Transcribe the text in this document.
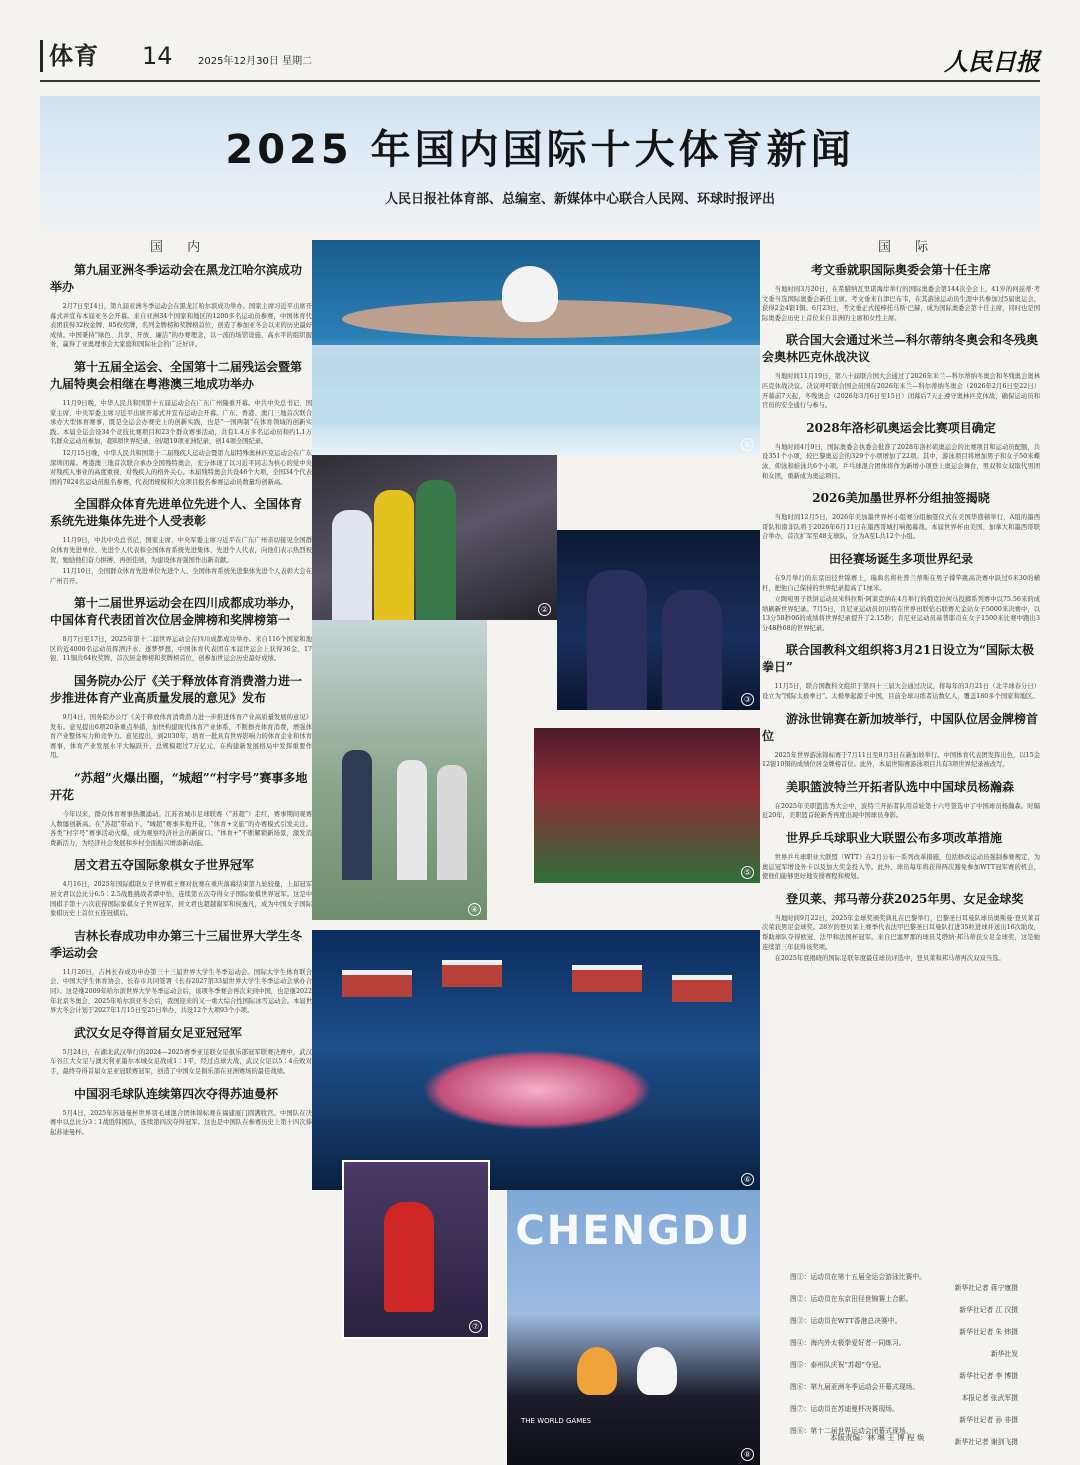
体育 14	2025年12月30日 星期二	人民日报
2025 年国内国际十大体育新闻
人民日报社体育部、总编室、新媒体中心联合人民网、环球时报评出
国 内	国 际
第九届亚洲冬季运动会在黑龙江哈尔滨成功举办

2月7日至14日，第九届亚洲冬季运动会在黑龙江哈尔滨成功举办。国家主席习近平出席开幕式并宣布本届亚冬会开幕。来自亚洲34个国家和地区的1200多名运动员参赛，中国体育代表团获得32枚金牌、85枚奖牌，名列金牌榜和奖牌榜首位，创造了参加亚冬会以来的历史最好成绩。中国秉持“绿色、共享、开放、廉洁”的办赛理念，以一流的场馆设施、高水平的组织服务，赢得了亚奥理事会大家庭和国际社会的广泛好评。

第十五届全运会、全国第十二届残运会暨第九届特奥会相继在粤港澳三地成功举办

11月9日晚，中华人民共和国第十五届运动会在广东广州隆重开幕。中共中央总书记、国家主席、中央军委主席习近平出席开幕式并宣布运动会开幕。广东、香港、澳门三地首次联合承办大型体育赛事，既是全运会办赛史上的创新实践，也是“一国两制”在体育领域的创新实践。本届全运会设34个竞技比赛项目和23个群众赛事活动，共有1.4万多名运动员和约1.1万名群众运动员参加，超8项世界纪录、创/超19项亚洲纪录、创14项全国纪录。

12月15日晚，中华人民共和国第十二届残疾人运动会暨第九届特殊奥林匹克运动会在广东深圳闭幕。粤港澳三地首次联合承办全国残特奥会，充分体现了以习近平同志为核心的党中央对残疾人事业的高度重视、对残疾人的格外关心。本届残特奥会共设46个大项，全国34个代表团的7824名运动员报名参赛，代表团规模和大众项目报名参赛运动员数量均创新高。

全国群众体育先进单位先进个人、全国体育系统先进集体先进个人受表彰

11月9日，中共中央总书记、国家主席、中央军委主席习近平在广东广州亲切接见全国群众体育先进单位、先进个人代表和全国体育系统先进集体、先进个人代表，向他们表示热烈祝贺，勉励他们奋力拼搏、再创佳绩，为建设体育强国作出新贡献。

11月10日，全国群众体育先进单位先进个人、全国体育系统先进集体先进个人表彰大会在广州召开。

第十二届世界运动会在四川成都成功举办，中国体育代表团首次位居金牌榜和奖牌榜第一

8月7日至17日，2025年第十二届世界运动会在四川成都成功举办。来自116个国家和地区的近4000名运动员挥洒汗水、逐梦梦想，中国体育代表团在本届世运会上获得36金、17银、11铜共64枚奖牌，首次居金牌榜和奖牌榜首位，创参加世运会历史最好成绩。

国务院办公厅《关于释放体育消费潜力进一步推进体育产业高质量发展的意见》发布

9月4日，国务院办公厅《关于释放体育消费潜力进一步推进体育产业高质量发展的意见》发布。意见提出6项20条重点举措，加快构建现代体育产业体系，不断擦亮体育消费，增强体育产业整体实力和竞争力。意见提出，到2030年，培育一批具有世界影响力的体育企业和体育赛事，体育产业发展水平大幅跃升，总规模超过7万亿元，在构建新发展格局中发挥重要作用。

“苏超”火爆出圈，“城超”“村字号”赛事多地开花

今年以来，群众体育赛事热潮涌动。江苏省城市足球联赛（“苏超”）走红，赛事期间观赛人数屡创新高。在“苏超”带动下，“城超”赛事多地开花，“体育+文旅”的办赛模式引发关注。各类“村字号”赛事活动火爆，成为观察经济社会的新窗口。“体育+”不断解锁新场景，激发消费新活力，为经济社会发展和乡村全面振兴增添新动能。

居文君五夺国际象棋女子世界冠军

4月16日，2025年国际棋联女子世界棋王赛对抗赛在重庆落幕结束第九轮较量，上届冠军居文君以总比分6.5∶2.5战胜挑战者谭中怡，连续第五次夺得女子国际象棋世界冠军。这是中国棋手第十六次获得国际象棋女子世界冠军，居文君也超越谢军和侯逸凡，成为中国女子国际象棋历史上首位五连冠棋后。

吉林长春成功申办第三十三届世界大学生冬季运动会

11月26日，吉林长春成功申办第三十三届世界大学生冬季运动会。国际大学生体育联合会、中国大学生体育协会、长春市共同签署《长春2027第33届世界大学生冬季运动会承办合同》。这是继2009年哈尔滨世界大学冬季运动会后，该项冬季赛会再次来到中国，也是继2022年北京冬奥会、2025年哈尔滨亚冬会后，我国迎来的又一重大综合性国际冰雪运动会。本届世界大冬会计划于2027年1月15日至25日举办，共设12个大项93个小项。

武汉女足夺得首届女足亚冠冠军

5月24日，在湖北武汉举行的2024—2025赛季亚足联女足俱乐部冠军联赛决赛中，武汉车谷江大女足与澳大利亚墨尔本城女足战成1∶1平，经过点球大战，武汉女足以5∶4击败对手，最终夺得首届女足亚冠联赛冠军，创造了中国女足俱乐部在亚洲赛场的最佳战绩。

中国羽毛球队连续第四次夺得苏迪曼杯

5月4日，2025年苏迪曼杯世界羽毛球混合团体锦标赛在福建厦门圆满收官。中国队在决赛中以总比分3∶1战胜韩国队，连续第四次夺得冠军。这也是中国队在参赛历史上第十四次捧起苏迪曼杯。

①
②
③
④
⑤
⑥
CHENGDU
THE WORLD GAMES
⑧
⑦
考文垂就职国际奥委会第十任主席

当地时间3月20日，在希腊纳瓦里诺海岸举行的国际奥委会第144次全会上，41岁的何兹蒂·考文垂当选国际奥委会新任主席。考文垂来自津巴布韦，在其游泳运动员生涯中共参加过5届奥运会，获得2金4银1铜。6月23日，考文垂正式接棒托马斯·巴赫，成为国际奥委会第十任主席，同时也是国际奥委会历史上首位来自非洲的主席和女性主席。

联合国大会通过米兰—科尔蒂纳冬奥会和冬残奥会奥林匹克休战决议

当地时间11月19日，第八十届联合国大会通过了2026年米兰—科尔蒂纳冬奥会和冬残奥会奥林匹克休战决议。决议呼吁联合国会员国在2026年米兰—科尔蒂纳冬奥会（2026年2月6日至22日）开幕前7天起，冬残奥会（2026年3月6日至15日）闭幕后7天止遵守奥林匹克休战，确保运动员和官员的安全通行与参与。

2028年洛杉矶奥运会比赛项目确定

当地时间4月9日，国际奥委会执委会批准了2028年洛杉矶奥运会的比赛项目和运动员配额，共设351个小项，较巴黎奥运会的329个小项增加了22项。其中，游泳项目将增加男子和女子50米蝶泳、仰泳和蛙泳共6个小项。乒乓球混合团体将作为新增小项登上奥运会舞台，男双和女双取代男团和女团，重新成为奥运项目。

2026美加墨世界杯分组抽签揭晓

当地时间12月5日，2026年美加墨世界杯小组赛分组抽签仪式在美国华盛顿举行，A组的墨西哥队和南非队将于2026年6月11日在墨西哥城打响揭幕战。本届世界杯由美国、加拿大和墨西哥联合举办，首次扩军至48支球队，分为A至L共12个小组。

田径赛场诞生多项世界纪录

在9月举行的东京田径世锦赛上，瑞典名将杜普兰蒂斯在男子撑竿跳高决赛中跃过6米30的横杆，把他自己保持的世界纪录提高了1厘米。

立陶宛男子铁饼运动员米科拉斯·阿莱克纳在4月举行的俄克拉何马投掷系列赛中以75.56米的成绩刷新世界纪录。7月5日，肯尼亚运动员切贝特在世界田联钻石联赛尤金站女子5000米决赛中，以13分58秒06的成绩将世界纪录提升了2.15秒；肯尼亚运动员基普耶贡在女子1500米比赛中跑出3分48秒68的世界纪录。

联合国教科文组织将3月21日设立为“国际太极拳日”

11月5日，联合国教科文组织于第四十三届大会通过决议，将每年的3月21日（北半球春分日）设立为“国际太极拳日”。太极拳起源于中国，目前全球习练者达数亿人，覆盖180多个国家和地区。

游泳世锦赛在新加坡举行，中国队位居金牌榜首位

2025年世界游泳锦标赛于7月11日至8月3日在新加坡举行。中国体育代表团发挥出色，以15金12银10铜的成绩位居金牌榜首位。此外，本届世锦赛游泳项目共有3项世界纪录被改写。

美职篮波特兰开拓者队选中中国球员杨瀚森

在2025年美职篮选秀大会中，波特兰开拓者队用首轮第十六号签选中了中国球员杨瀚森。时隔近20年，美职篮首轮新秀再度出现中国球员身影。

世界乒乓球职业大联盟公布多项改革措施

世界乒乓球职业大联盟（WTT）在2月公布一系列改革措施，包括修改运动员强制参赛规定、为奥运冠军增设外卡以及加大奖金投入等。此外，球员每年将获得两次豁免参加WTT冠军赛的机会，使他们能够更好地安排赛程和规划。

登贝莱、邦马蒂分获2025年男、女足金球奖

当地时间9月22日，2025年金球奖颁奖典礼在巴黎举行，巴黎圣日耳曼队球员奥斯曼·登贝莱首次荣获男足金球奖。28岁的登贝莱上赛季代表法甲巴黎圣日耳曼队打进35粒进球并送出16次助攻，帮助球队夺得欧冠、法甲和法国杯冠军。来自巴塞罗那的球员艾塔纳·邦马蒂获女足金球奖，这是她连续第三年获得该奖项。

在2025年底揭晓的国际足联年度最佳球员评选中，登贝莱和邦马蒂再次双双当选。

图①：运动员在第十五届全运会游泳比赛中。
新华社记者 蒋宁康摄
图②：运动员在东京田径世锦赛上合影。
新华社记者 江 汉摄
图③：运动员在WTT香港总决赛中。
新华社记者 朱 炜摄
图④：海内外太极拳爱好者一同练习。
新华社发
图⑤：泰州队庆祝“苏超”夺冠。
新华社记者 李 博摄
图⑥：第九届亚洲冬季运动会开幕式现场。
本报记者 张武军摄
图⑦：运动员在苏迪曼杯决赛现场。
新华社记者 孙 非摄
图⑧：第十二届世界运动会闭幕式现场。
新华社记者 谢剑飞摄
本版责编：林 琳 王 博 程 焕
